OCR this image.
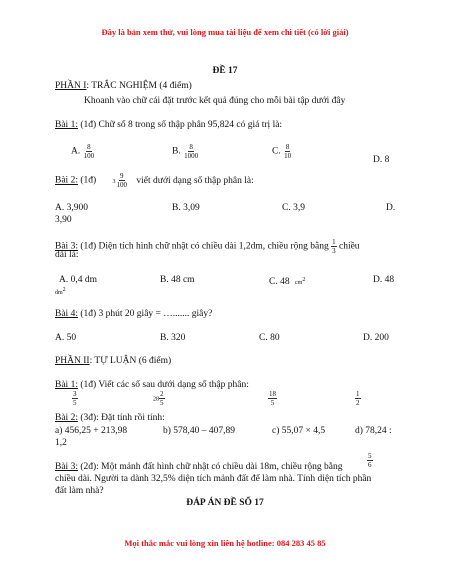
Đây là bản xem thử, vui lòng mua tài liệu để xem chi tiết (có lời giải)
ĐỀ 17
PHẦN I: TRẮC NGHIỆM (4 điểm)
Khoanh vào chữ cái đặt trước kết quả đúng cho mỗi bài tập dưới đây
Bài 1: (1đ) Chữ số 8 trong số thập phân 95,824 có giá trị là:
A. $\frac{8}{100}$	B. $\frac{8}{1000}$	C. $\frac{8}{10}$	D. 8
Bài 2: (1đ)	$3 \frac{9}{100}$ viết dưới dạng số thập phân là:
A. 3,900	B. 3,09	C. 3,9	D.
3,90
Bài 3: (1đ) Diện tích hình chữ nhật có chiều dài 1,2dm, chiều rộng bằng $\frac{1}{3}$ chiều
dài là:
A. 0,4 dm
dm2
B. 48 cm	C. 48 cm2	D. 48
Bài 4: (1đ) 3 phút 20 giây = …....... giây?
A. 50	B. 320	C. 80	D. 200
PHẦN II: TỰ LUẬN (6 điểm)
Bài 1: (1đ) Viết các số sau dưới dạng số thập phân:
$\frac{3}{5}$	$28 \frac{2}{5}$	$\frac{18}{5}$	$\frac{1}{2}$
Bài 2: (3đ): Đặt tính rồi tính:
a) 456,25 + 213,98	b) 578,40 – 407,89	c) 55,07 × 4,5	d) 78,24 :
1,2
Bài 3: (2đ): Một mảnh đất hình chữ nhật có chiều dài 18m, chiều rộng bằng	$\frac{5}{6}$
chiều dài. Người ta dành 32,5% diện tích mảnh đất để làm nhà. Tính diện tích phần
đất làm nhà?
ĐÁP ÁN ĐỀ SỐ 17
Mọi thắc mắc vui lòng xin liên hệ hotline: 084 283 45 85
